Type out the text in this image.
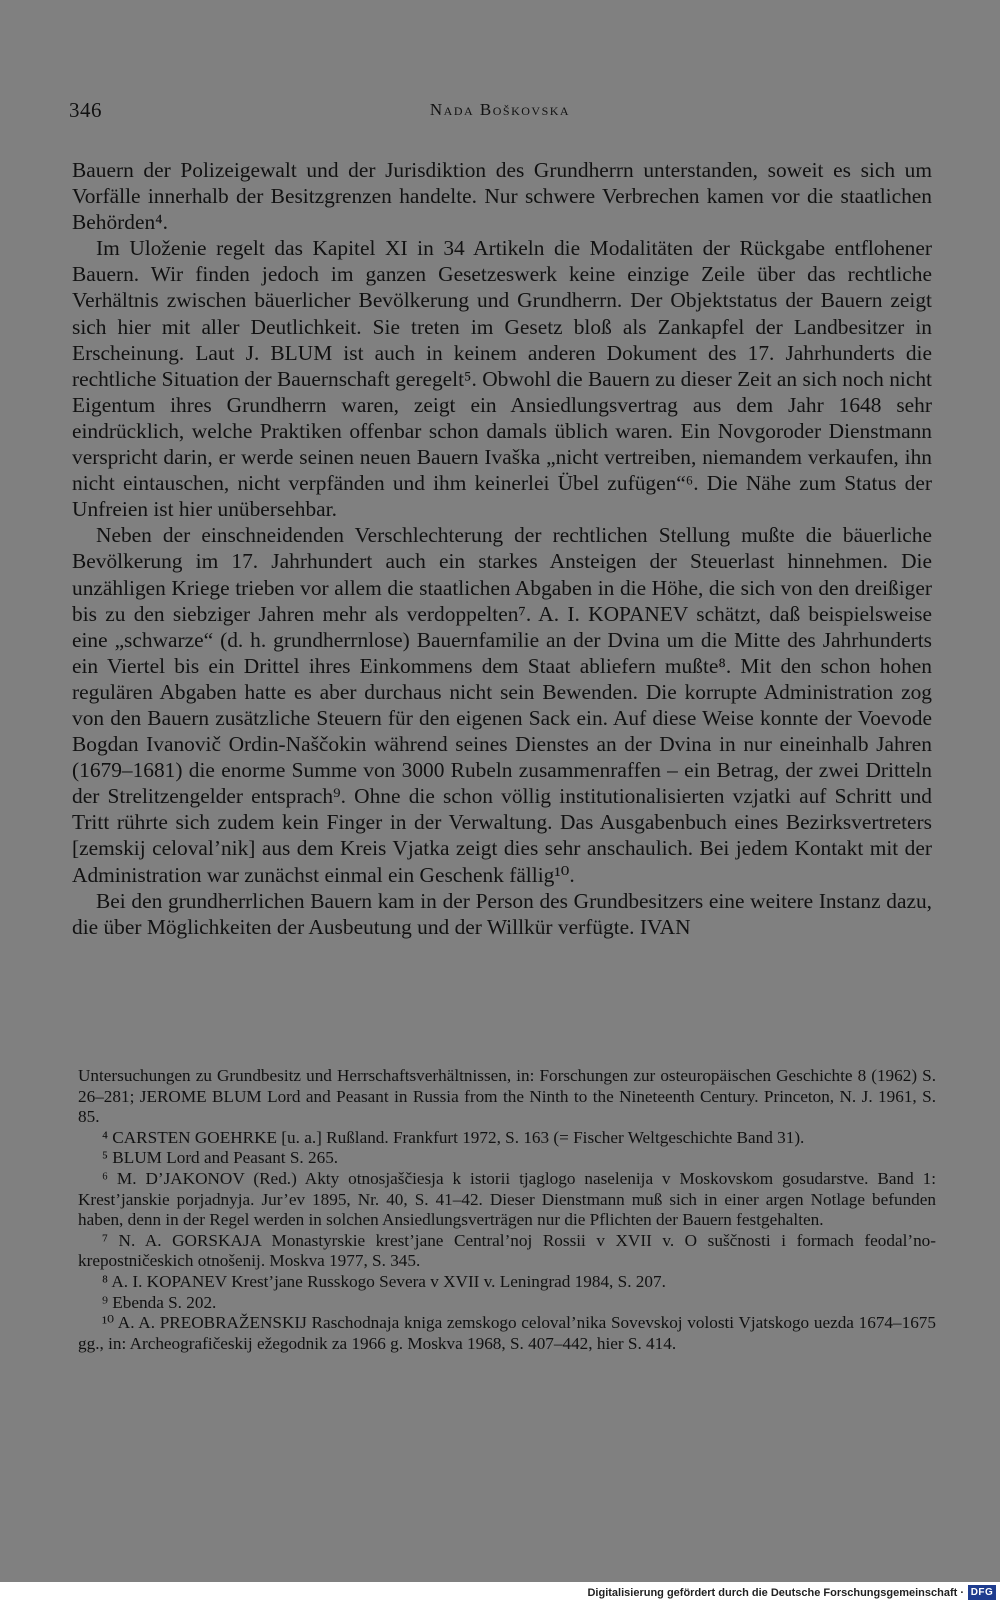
346	Nada Boškovska

Bauern der Polizeigewalt und der Jurisdiktion des Grundherrn unterstanden, soweit es sich um Vorfälle innerhalb der Besitzgrenzen handelte. Nur schwere Verbrechen kamen vor die staatlichen Behörden⁴.

Im Uloženie regelt das Kapitel XI in 34 Artikeln die Modalitäten der Rückgabe entflohener Bauern. Wir finden jedoch im ganzen Gesetzeswerk keine einzige Zeile über das rechtliche Verhältnis zwischen bäuerlicher Bevölkerung und Grundherrn. Der Objektstatus der Bauern zeigt sich hier mit aller Deutlichkeit. Sie treten im Gesetz bloß als Zankapfel der Landbesitzer in Erscheinung. Laut J. BLUM ist auch in keinem anderen Dokument des 17. Jahrhunderts die rechtliche Situation der Bauernschaft geregelt⁵. Obwohl die Bauern zu dieser Zeit an sich noch nicht Eigentum ihres Grundherrn waren, zeigt ein Ansiedlungsvertrag aus dem Jahr 1648 sehr eindrücklich, welche Praktiken offenbar schon damals üblich waren. Ein Novgoroder Dienstmann verspricht darin, er werde seinen neuen Bauern Ivaška „nicht vertreiben, niemandem verkaufen, ihn nicht eintauschen, nicht verpfänden und ihm keinerlei Übel zufügen“⁶. Die Nähe zum Status der Unfreien ist hier unübersehbar.

Neben der einschneidenden Verschlechterung der rechtlichen Stellung mußte die bäuerliche Bevölkerung im 17. Jahrhundert auch ein starkes Ansteigen der Steuerlast hinnehmen. Die unzähligen Kriege trieben vor allem die staatlichen Abgaben in die Höhe, die sich von den dreißiger bis zu den siebziger Jahren mehr als verdoppelten⁷. A. I. KOPANEV schätzt, daß beispielsweise eine „schwarze“ (d. h. grundherrnlose) Bauernfamilie an der Dvina um die Mitte des Jahrhunderts ein Viertel bis ein Drittel ihres Einkommens dem Staat abliefern mußte⁸. Mit den schon hohen regulären Abgaben hatte es aber durchaus nicht sein Bewenden. Die korrupte Administration zog von den Bauern zusätzliche Steuern für den eigenen Sack ein. Auf diese Weise konnte der Voevode Bogdan Ivanovič Ordin-Naščokin während seines Dienstes an der Dvina in nur eineinhalb Jahren (1679–1681) die enorme Summe von 3000 Rubeln zusammenraffen – ein Betrag, der zwei Dritteln der Strelitzengelder entsprach⁹. Ohne die schon völlig institutionalisierten vzjatki auf Schritt und Tritt rührte sich zudem kein Finger in der Verwaltung. Das Ausgabenbuch eines Bezirksvertreters [zemskij celoval’nik] aus dem Kreis Vjatka zeigt dies sehr anschaulich. Bei jedem Kontakt mit der Administration war zunächst einmal ein Geschenk fällig¹⁰.

Bei den grundherrlichen Bauern kam in der Person des Grundbesitzers eine weitere Instanz dazu, die über Möglichkeiten der Ausbeutung und der Willkür verfügte. IVAN

Untersuchungen zu Grundbesitz und Herrschaftsverhältnissen, in: Forschungen zur osteuropäischen Geschichte 8 (1962) S. 26–281; JEROME BLUM Lord and Peasant in Russia from the Ninth to the Nineteenth Century. Princeton, N. J. 1961, S. 85.

⁴ CARSTEN GOEHRKE [u. a.] Rußland. Frankfurt 1972, S. 163 (= Fischer Weltgeschichte Band 31).

⁵ BLUM Lord and Peasant S. 265.

⁶ M. D’JAKONOV (Red.) Akty otnosjaščiesja k istorii tjaglogo naselenija v Moskovskom gosudarstve. Band 1: Krest’janskie porjadnyja. Jur’ev 1895, Nr. 40, S. 41–42. Dieser Dienstmann muß sich in einer argen Notlage befunden haben, denn in der Regel werden in solchen Ansiedlungsverträgen nur die Pflichten der Bauern festgehalten.

⁷ N. A. GORSKAJA Monastyrskie krest’jane Central’noj Rossii v XVII v. O suščnosti i formach feodal’no-krepostničeskich otnošenij. Moskva 1977, S. 345.

⁸ A. I. KOPANEV Krest’jane Russkogo Severa v XVII v. Leningrad 1984, S. 207.

⁹ Ebenda S. 202.

¹⁰ A. A. PREOBRAŽENSKIJ Raschodnaja kniga zemskogo celoval’nika Sovevskoj volosti Vjatskogo uezda 1674–1675 gg., in: Archeografičeskij ežegodnik za 1966 g. Moskva 1968, S. 407–442, hier S. 414.

Digitalisierung gefördert durch die Deutsche Forschungsgemeinschaft · DFG
